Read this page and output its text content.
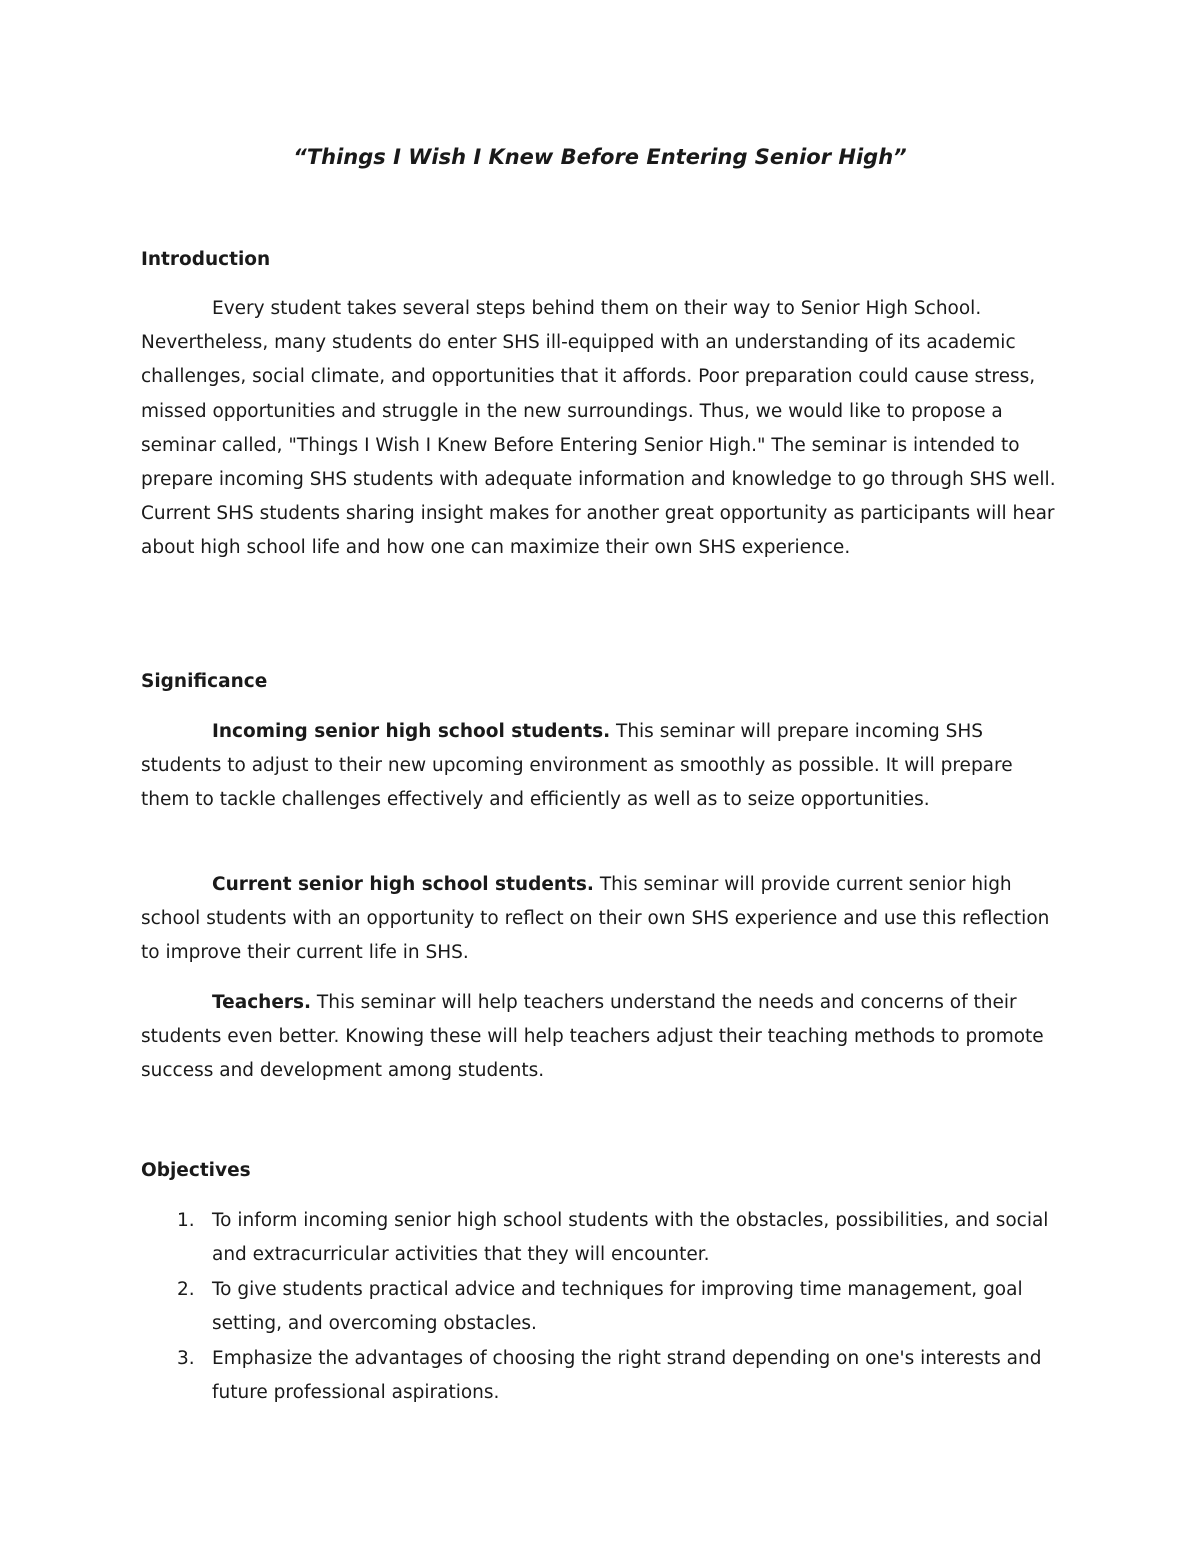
“Things I Wish I Knew Before Entering Senior High”
Introduction

Every student takes several steps behind them on their way to Senior High School. Nevertheless, many students do enter SHS ill-equipped with an understanding of its academic challenges, social climate, and opportunities that it affords. Poor preparation could cause stress, missed opportunities and struggle in the new surroundings. Thus, we would like to propose a seminar called, "Things I Wish I Knew Before Entering Senior High." The seminar is intended to prepare incoming SHS students with adequate information and knowledge to go through SHS well. Current SHS students sharing insight makes for another great opportunity as participants will hear about high school life and how one can maximize their own SHS experience.

Significance

Incoming senior high school students. This seminar will prepare incoming SHS students to adjust to their new upcoming environment as smoothly as possible. It will prepare them to tackle challenges effectively and efficiently as well as to seize opportunities.

Current senior high school students. This seminar will provide current senior high school students with an opportunity to reflect on their own SHS experience and use this reflection to improve their current life in SHS.

Teachers. This seminar will help teachers understand the needs and concerns of their students even better. Knowing these will help teachers adjust their teaching methods to promote success and development among students.

Objectives
1. To inform incoming senior high school students with the obstacles, possibilities, and social and extracurricular activities that they will encounter.
2. To give students practical advice and techniques for improving time management, goal setting, and overcoming obstacles.
3. Emphasize the advantages of choosing the right strand depending on one's interests and future professional aspirations.
